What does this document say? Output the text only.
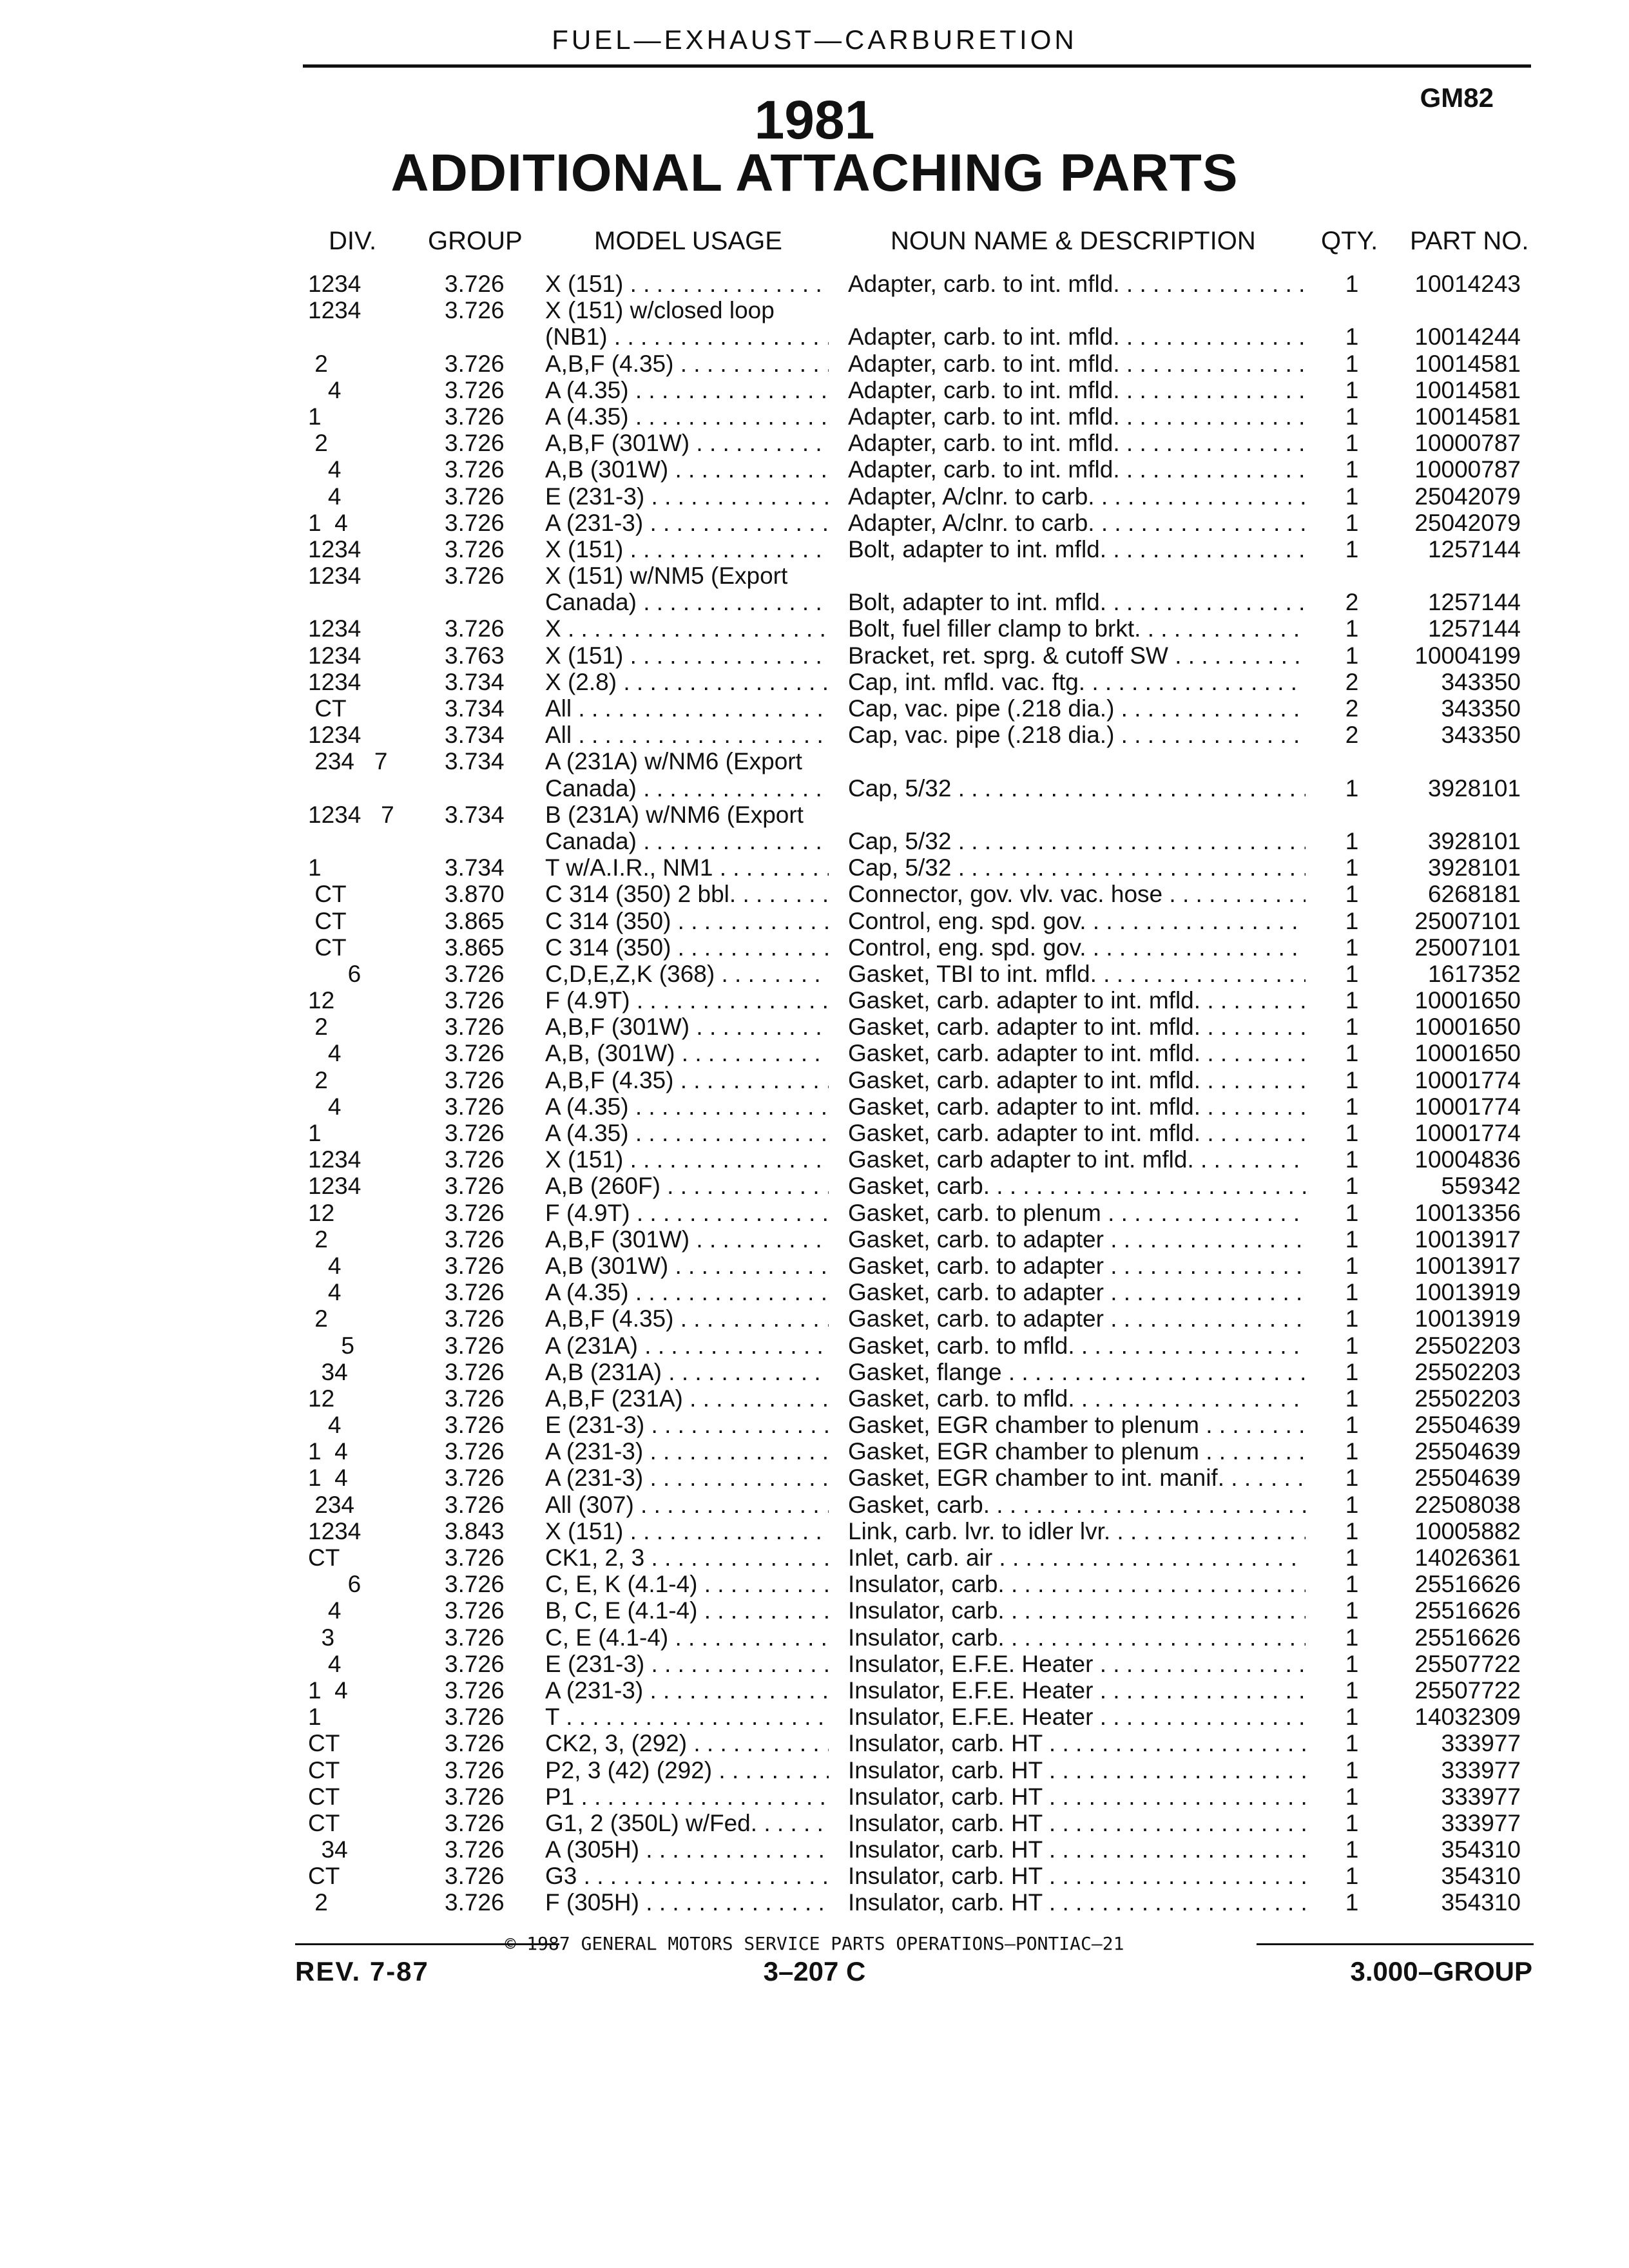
FUEL—EXHAUST—CARBURETION
GM82
1981
ADDITIONAL ATTACHING PARTS
DIV. GROUP	MODEL USAGE	NOUN NAME & DESCRIPTION	QTY. PART NO.
1234	3.726 X (151) . . .	Adapter, carb. to int. mfld. . . .	1	10014243
1234	3.726 X (151) w/closed loop
(NB1) . . .	Adapter, carb. to int. mfld. . . .	1	10014244
2	3.726 A,B,F (4.35) . . .	Adapter, carb. to int. mfld. . . .	1	10014581
4	3.726 A (4.35) . . .	Adapter, carb. to int. mfld. . . .	1	10014581
1	3.726 A (4.35) . . .	Adapter, carb. to int. mfld. . . .	1	10014581
2	3.726 A,B,F (301W) . . .	Adapter, carb. to int. mfld. . . .	1	10000787
4	3.726 A,B (301W) . . .	Adapter, carb. to int. mfld. . . .	1	10000787
4	3.726 E (231-3) . . .	Adapter, A/clnr. to carb. . . .	1	25042079
1  4	3.726 A (231-3) . . .	Adapter, A/clnr. to carb. . . .	1	25042079
1234	3.726 X (151) . . .	Bolt, adapter to int. mfld. . . .	1	1257144
1234	3.726 X (151) w/NM5 (Export
Canada) . . .	Bolt, adapter to int. mfld. . . .	2	1257144
1234	3.726 X . . .	Bolt, fuel filler clamp to brkt. . . .	1	1257144
1234	3.763 X (151) . . .	Bracket, ret. sprg. & cutoff SW . . .	1	10004199
1234	3.734 X (2.8) . . .	Cap, int. mfld. vac. ftg. . . .	2	343350
CT	3.734 All . . .	Cap, vac. pipe (.218 dia.) . . .	2	343350
1234	3.734 All . . .	Cap, vac. pipe (.218 dia.) . . .	2	343350
234   7 3.734 A (231A) w/NM6 (Export
Canada) . . .	Cap, 5/32 . . .	1	3928101
1234   7 3.734 B (231A) w/NM6 (Export
Canada) . . .	Cap, 5/32 . . .	1	3928101
1	3.734 T w/A.I.R., NM1 . . .	Cap, 5/32 . . .	1	3928101
CT	3.870 C 314 (350) 2 bbl. . . .	Connector, gov. vlv. vac. hose . . .	1	6268181
CT	3.865 C 314 (350) . . .	Control, eng. spd. gov. . . .	1	25007101
CT	3.865 C 314 (350) . . .	Control, eng. spd. gov. . . .	1	25007101
6	3.726 C,D,E,Z,K (368) . . .	Gasket, TBI to int. mfld. . . .	1	1617352
12	3.726 F (4.9T) . . .	Gasket, carb. adapter to int. mfld. . . .	1	10001650
2	3.726 A,B,F (301W) . . .	Gasket, carb. adapter to int. mfld. . . .	1	10001650
4	3.726 A,B, (301W) . . .	Gasket, carb. adapter to int. mfld. . . .	1	10001650
2	3.726 A,B,F (4.35) . . .	Gasket, carb. adapter to int. mfld. . . .	1	10001774
4	3.726 A (4.35) . . .	Gasket, carb. adapter to int. mfld. . . .	1	10001774
1	3.726 A (4.35) . . .	Gasket, carb. adapter to int. mfld. . . .	1	10001774
1234	3.726 X (151) . . .	Gasket, carb adapter to int. mfld. . . .	1	10004836
1234	3.726 A,B (260F) . . .	Gasket, carb. . . .	1	559342
12	3.726 F (4.9T) . . .	Gasket, carb. to plenum . . .	1	10013356
2	3.726 A,B,F (301W) . . .	Gasket, carb. to adapter . . .	1	10013917
4	3.726 A,B (301W) . . .	Gasket, carb. to adapter . . .	1	10013917
4	3.726 A (4.35) . . .	Gasket, carb. to adapter . . .	1	10013919
2	3.726 A,B,F (4.35) . . .	Gasket, carb. to adapter . . .	1	10013919
5	3.726 A (231A) . . .	Gasket, carb. to mfld. . . .	1	25502203
34	3.726 A,B (231A) . . .	Gasket, flange . . .	1	25502203
12	3.726 A,B,F (231A) . . .	Gasket, carb. to mfld. . . .	1	25502203
4	3.726 E (231-3) . . .	Gasket, EGR chamber to plenum . . .	1	25504639
1  4	3.726 A (231-3) . . .	Gasket, EGR chamber to plenum . . .	1	25504639
1  4	3.726 A (231-3) . . .	Gasket, EGR chamber to int. manif. . . .	1	25504639
234	3.726 All (307) . . .	Gasket, carb. . . .	1	22508038
1234	3.843 X (151) . . .	Link, carb. lvr. to idler lvr. . . .	1	10005882
CT	3.726 CK1, 2, 3 . . .	Inlet, carb. air . . .	1	14026361
6	3.726 C, E, K (4.1-4) . . .	Insulator, carb. . . .	1	25516626
4	3.726 B, C, E (4.1-4) . . .	Insulator, carb. . . .	1	25516626
3	3.726 C, E (4.1-4) . . .	Insulator, carb. . . .	1	25516626
4	3.726 E (231-3) . . .	Insulator, E.F.E. Heater . . .	1	25507722
1  4	3.726 A (231-3) . . .	Insulator, E.F.E. Heater . . .	1	25507722
1	3.726 T . . .	Insulator, E.F.E. Heater . . .	1	14032309
CT	3.726 CK2, 3, (292) . . .	Insulator, carb. HT . . .	1	333977
CT	3.726 P2, 3 (42) (292) . . .	Insulator, carb. HT . . .	1	333977
CT	3.726 P1 . . .	Insulator, carb. HT . . .	1	333977
CT	3.726 G1, 2 (350L) w/Fed. . . .	Insulator, carb. HT . . .	1	333977
34	3.726 A (305H) . . .	Insulator, carb. HT . . .	1	354310
CT	3.726 G3 . . .	Insulator, carb. HT . . .	1	354310
2	3.726 F (305H) . . .	Insulator, carb. HT . . .	1	354310
© 1987 GENERAL MOTORS SERVICE PARTS OPERATIONS—PONTIAC—21
REV. 7-87	3–207 C	3.000–GROUP
